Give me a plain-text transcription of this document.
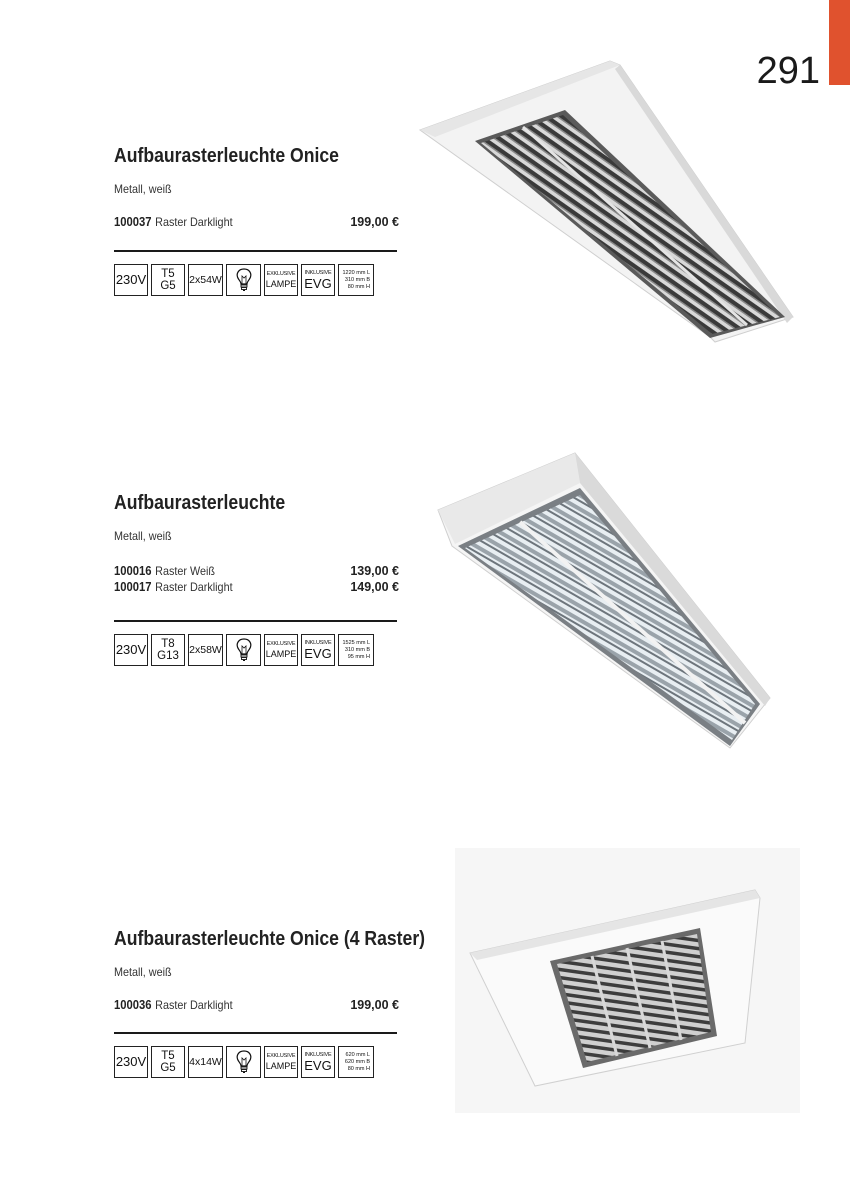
291
Aufbaurasterleuchte Onice
Metall, weiß
100037 Raster Darklight	199,00 €
230V T5
G5 2x54W
EXKLUSIVE
LAMPE
INKLUSIVE
EVG
1220 mm L
310 mm B
80 mm H
Aufbaurasterleuchte
Metall, weiß
100016 Raster Weiß	139,00 €
100017 Raster Darklight	149,00 €
230V T8
G13 2x58W
EXKLUSIVE
LAMPE
INKLUSIVE
EVG
1525 mm L
310 mm B
95 mm H
Aufbaurasterleuchte Onice (4 Raster)
Metall, weiß
100036 Raster Darklight	199,00 €
230V T5
G5 4x14W
EXKLUSIVE
LAMPE
INKLUSIVE
EVG
620 mm L
620 mm B
80 mm H
